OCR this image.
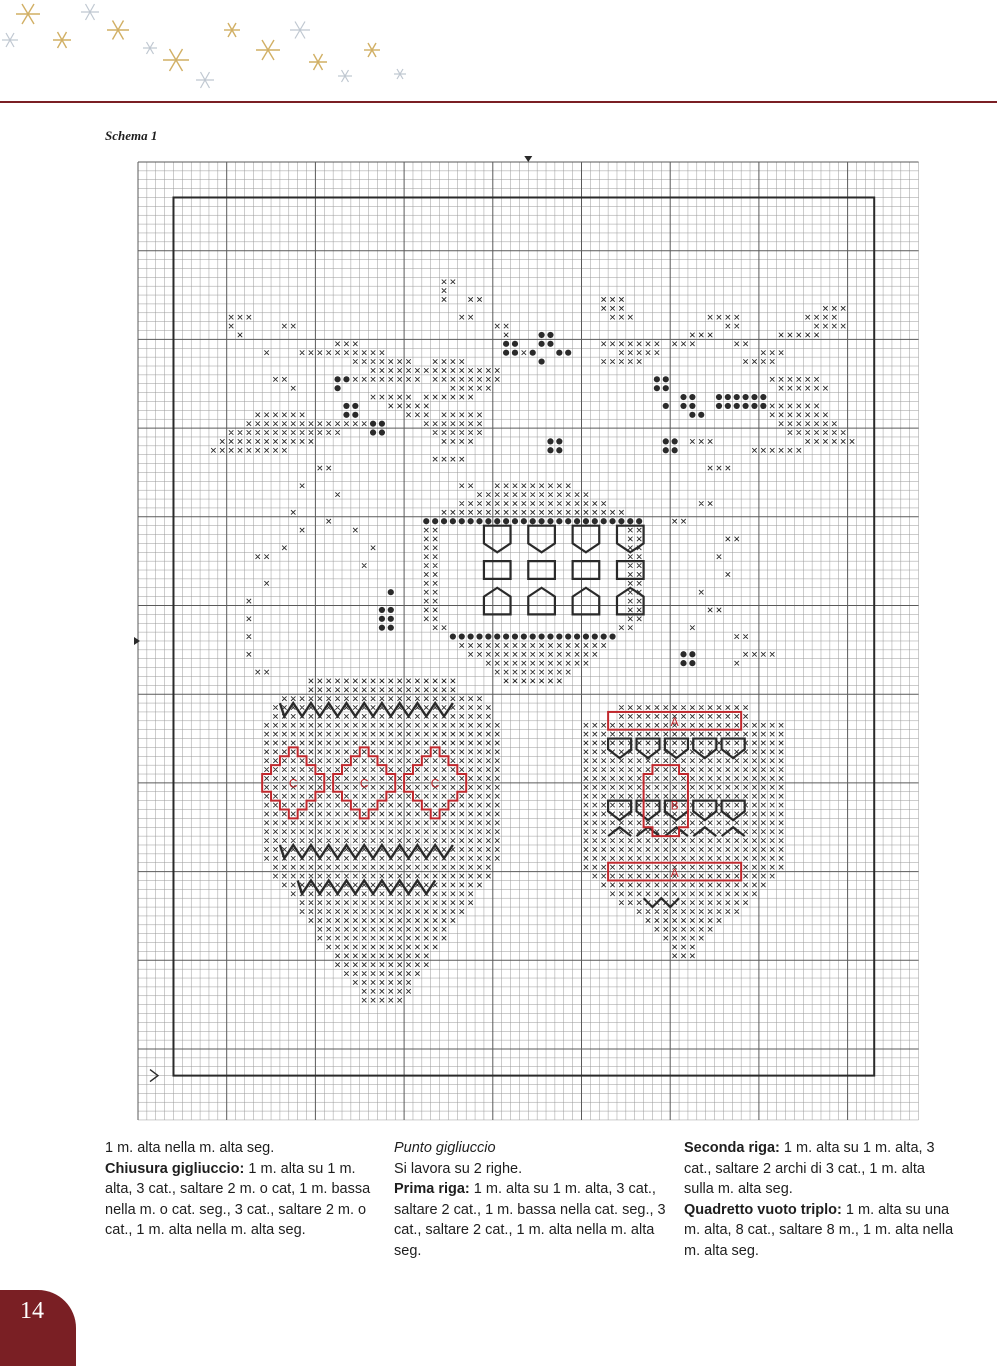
Schema 1
A
A
B
C	C	C

1 m. alta nella m. alta seg.

Chiusura gigliuccio: 1 m. alta su 1 m. alta, 3 cat., saltare 2 m. o cat, 1 m. bassa nella m. o cat. seg., 3 cat., saltare 2 m. o cat., 1 m. alta nella m. alta seg.

Punto gigliuccio

Si lavora su 2 righe.

Prima riga: 1 m. alta su 1 m. alta, 3 cat., saltare 2 cat., 1 m. bassa nella cat. seg., 3 cat., saltare 2 cat., 1 m. alta nella m. alta seg.

Seconda riga: 1 m. alta su 1 m. alta, 3 cat., saltare 2 archi di 3 cat., 1 m. alta sulla m. alta seg.

Quadretto vuoto triplo: 1 m. alta su una m. alta, 8 cat., saltare 8 m., 1 m. alta nella m. alta seg.

14
